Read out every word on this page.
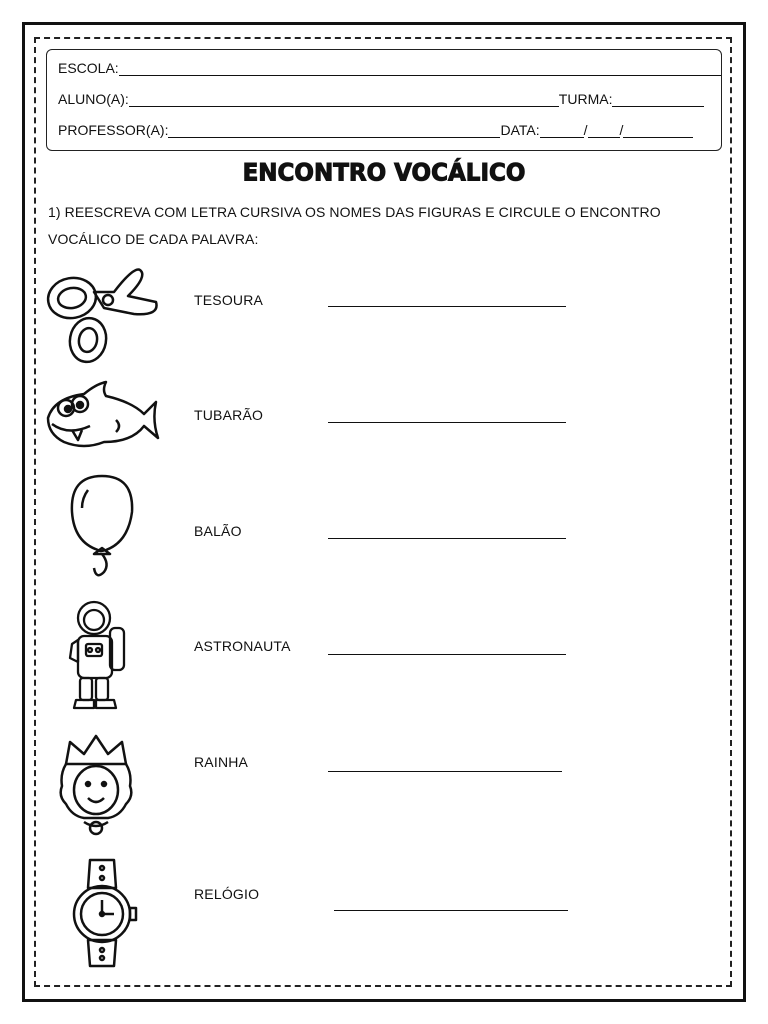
ESCOLA:
ALUNO(A):	TURMA:
PROFESSOR(A):	DATA:	/ /
ENCONTRO VOCÁLICO
1) REESCREVA COM LETRA CURSIVA OS NOMES DAS FIGURAS E CIRCULE O ENCONTRO
VOCÁLICO DE CADA PALAVRA:
TESOURA
TUBARÃO
BALÃO
ASTRONAUTA
RAINHA
RELÓGIO
